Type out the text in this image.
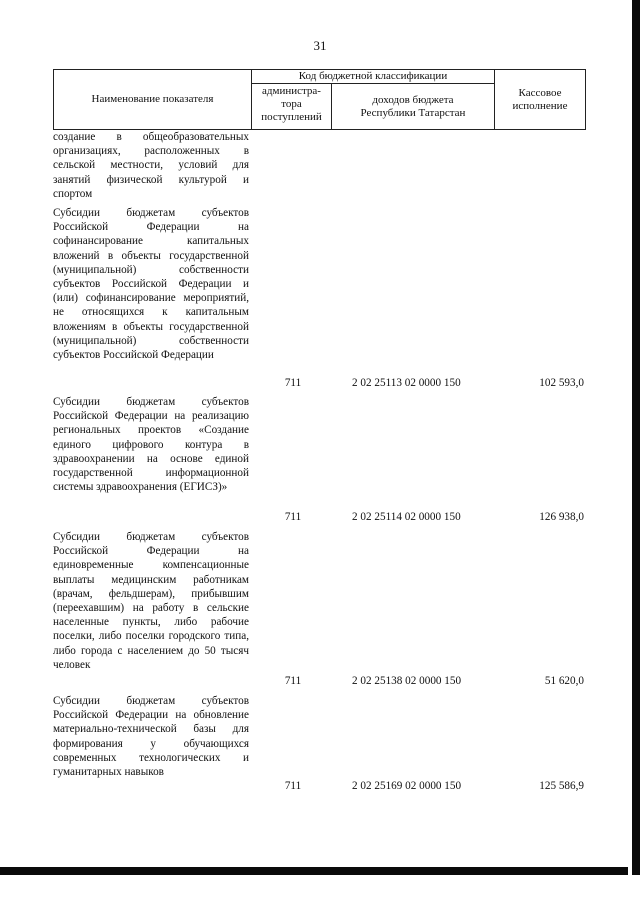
31
Наименование показателя
Код бюджетной классификации
администра-
тора
поступлений
доходов бюджета
Республики Татарстан
Кассовое
исполнение
создание в общеобразовательных организациях, расположенных в сельской местности, условий для занятий физической культурой и спортом
Субсидии бюджетам субъектов Российской Федерации на софинансирование капитальных вложений в объекты государственной (муниципальной) собственности субъектов Российской Федерации и (или) софинансирование мероприятий, не относящихся к капитальным вложениям в объекты государственной (муниципальной) собственности субъектов Российской Федерации
711	2 02 25113 02 0000 150	102 593,0
Субсидии бюджетам субъектов Российской Федерации на реализацию региональных проектов «Создание единого цифрового контура в здравоохранении на основе единой государственной информационной системы здравоохранения (ЕГИСЗ)»
711	2 02 25114 02 0000 150	126 938,0
Субсидии бюджетам субъектов Российской Федерации на единовременные компенсационные выплаты медицинским работникам (врачам, фельдшерам), прибывшим (переехавшим) на работу в сельские населенные пункты, либо рабочие поселки, либо поселки городского типа, либо города с населением до 50 тысяч человек
711	2 02 25138 02 0000 150	51 620,0
Субсидии бюджетам субъектов Российской Федерации на обновление материально-технической базы для формирования у обучающихся современных технологических и гуманитарных навыков
711	2 02 25169 02 0000 150	125 586,9
